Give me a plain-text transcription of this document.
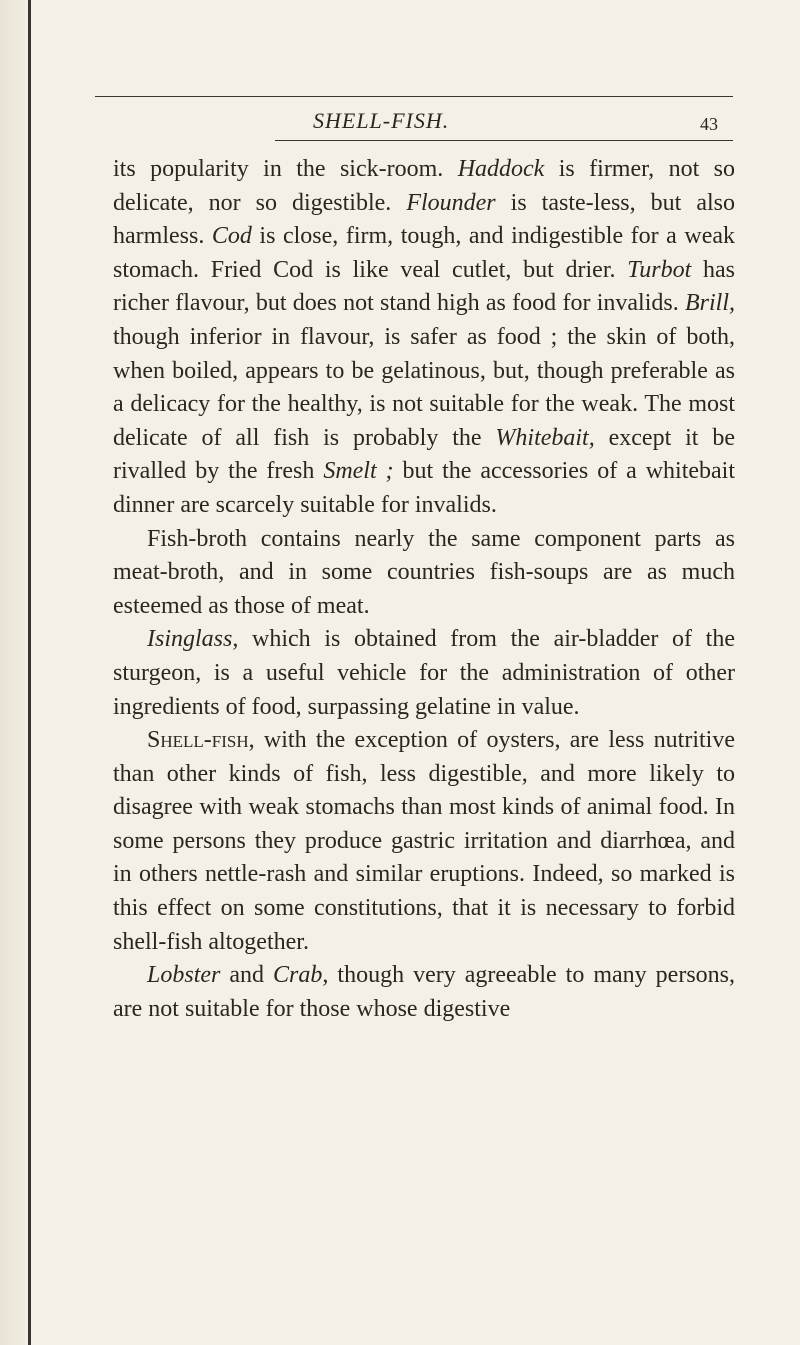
SHELL-FISH.	43

its popularity in the sick-room. Haddock is firmer, not so delicate, nor so digestible. Flounder is taste-less, but also harmless. Cod is close, firm, tough, and indigestible for a weak stomach. Fried Cod is like veal cutlet, but drier. Turbot has richer flavour, but does not stand high as food for invalids. Brill, though inferior in flavour, is safer as food ; the skin of both, when boiled, appears to be gelatinous, but, though preferable as a delicacy for the healthy, is not suitable for the weak. The most delicate of all fish is probably the Whitebait, except it be rivalled by the fresh Smelt ; but the accessories of a whitebait dinner are scarcely suitable for invalids.

Fish-broth contains nearly the same component parts as meat-broth, and in some countries fish-soups are as much esteemed as those of meat.

Isinglass, which is obtained from the air-bladder of the sturgeon, is a useful vehicle for the administration of other ingredients of food, surpassing gelatine in value.

Shell-fish, with the exception of oysters, are less nutritive than other kinds of fish, less digestible, and more likely to disagree with weak stomachs than most kinds of animal food. In some persons they produce gastric irritation and diarrhœa, and in others nettle-rash and similar eruptions. Indeed, so marked is this effect on some constitutions, that it is necessary to forbid shell-fish altogether.

Lobster and Crab, though very agreeable to many persons, are not suitable for those whose digestive
